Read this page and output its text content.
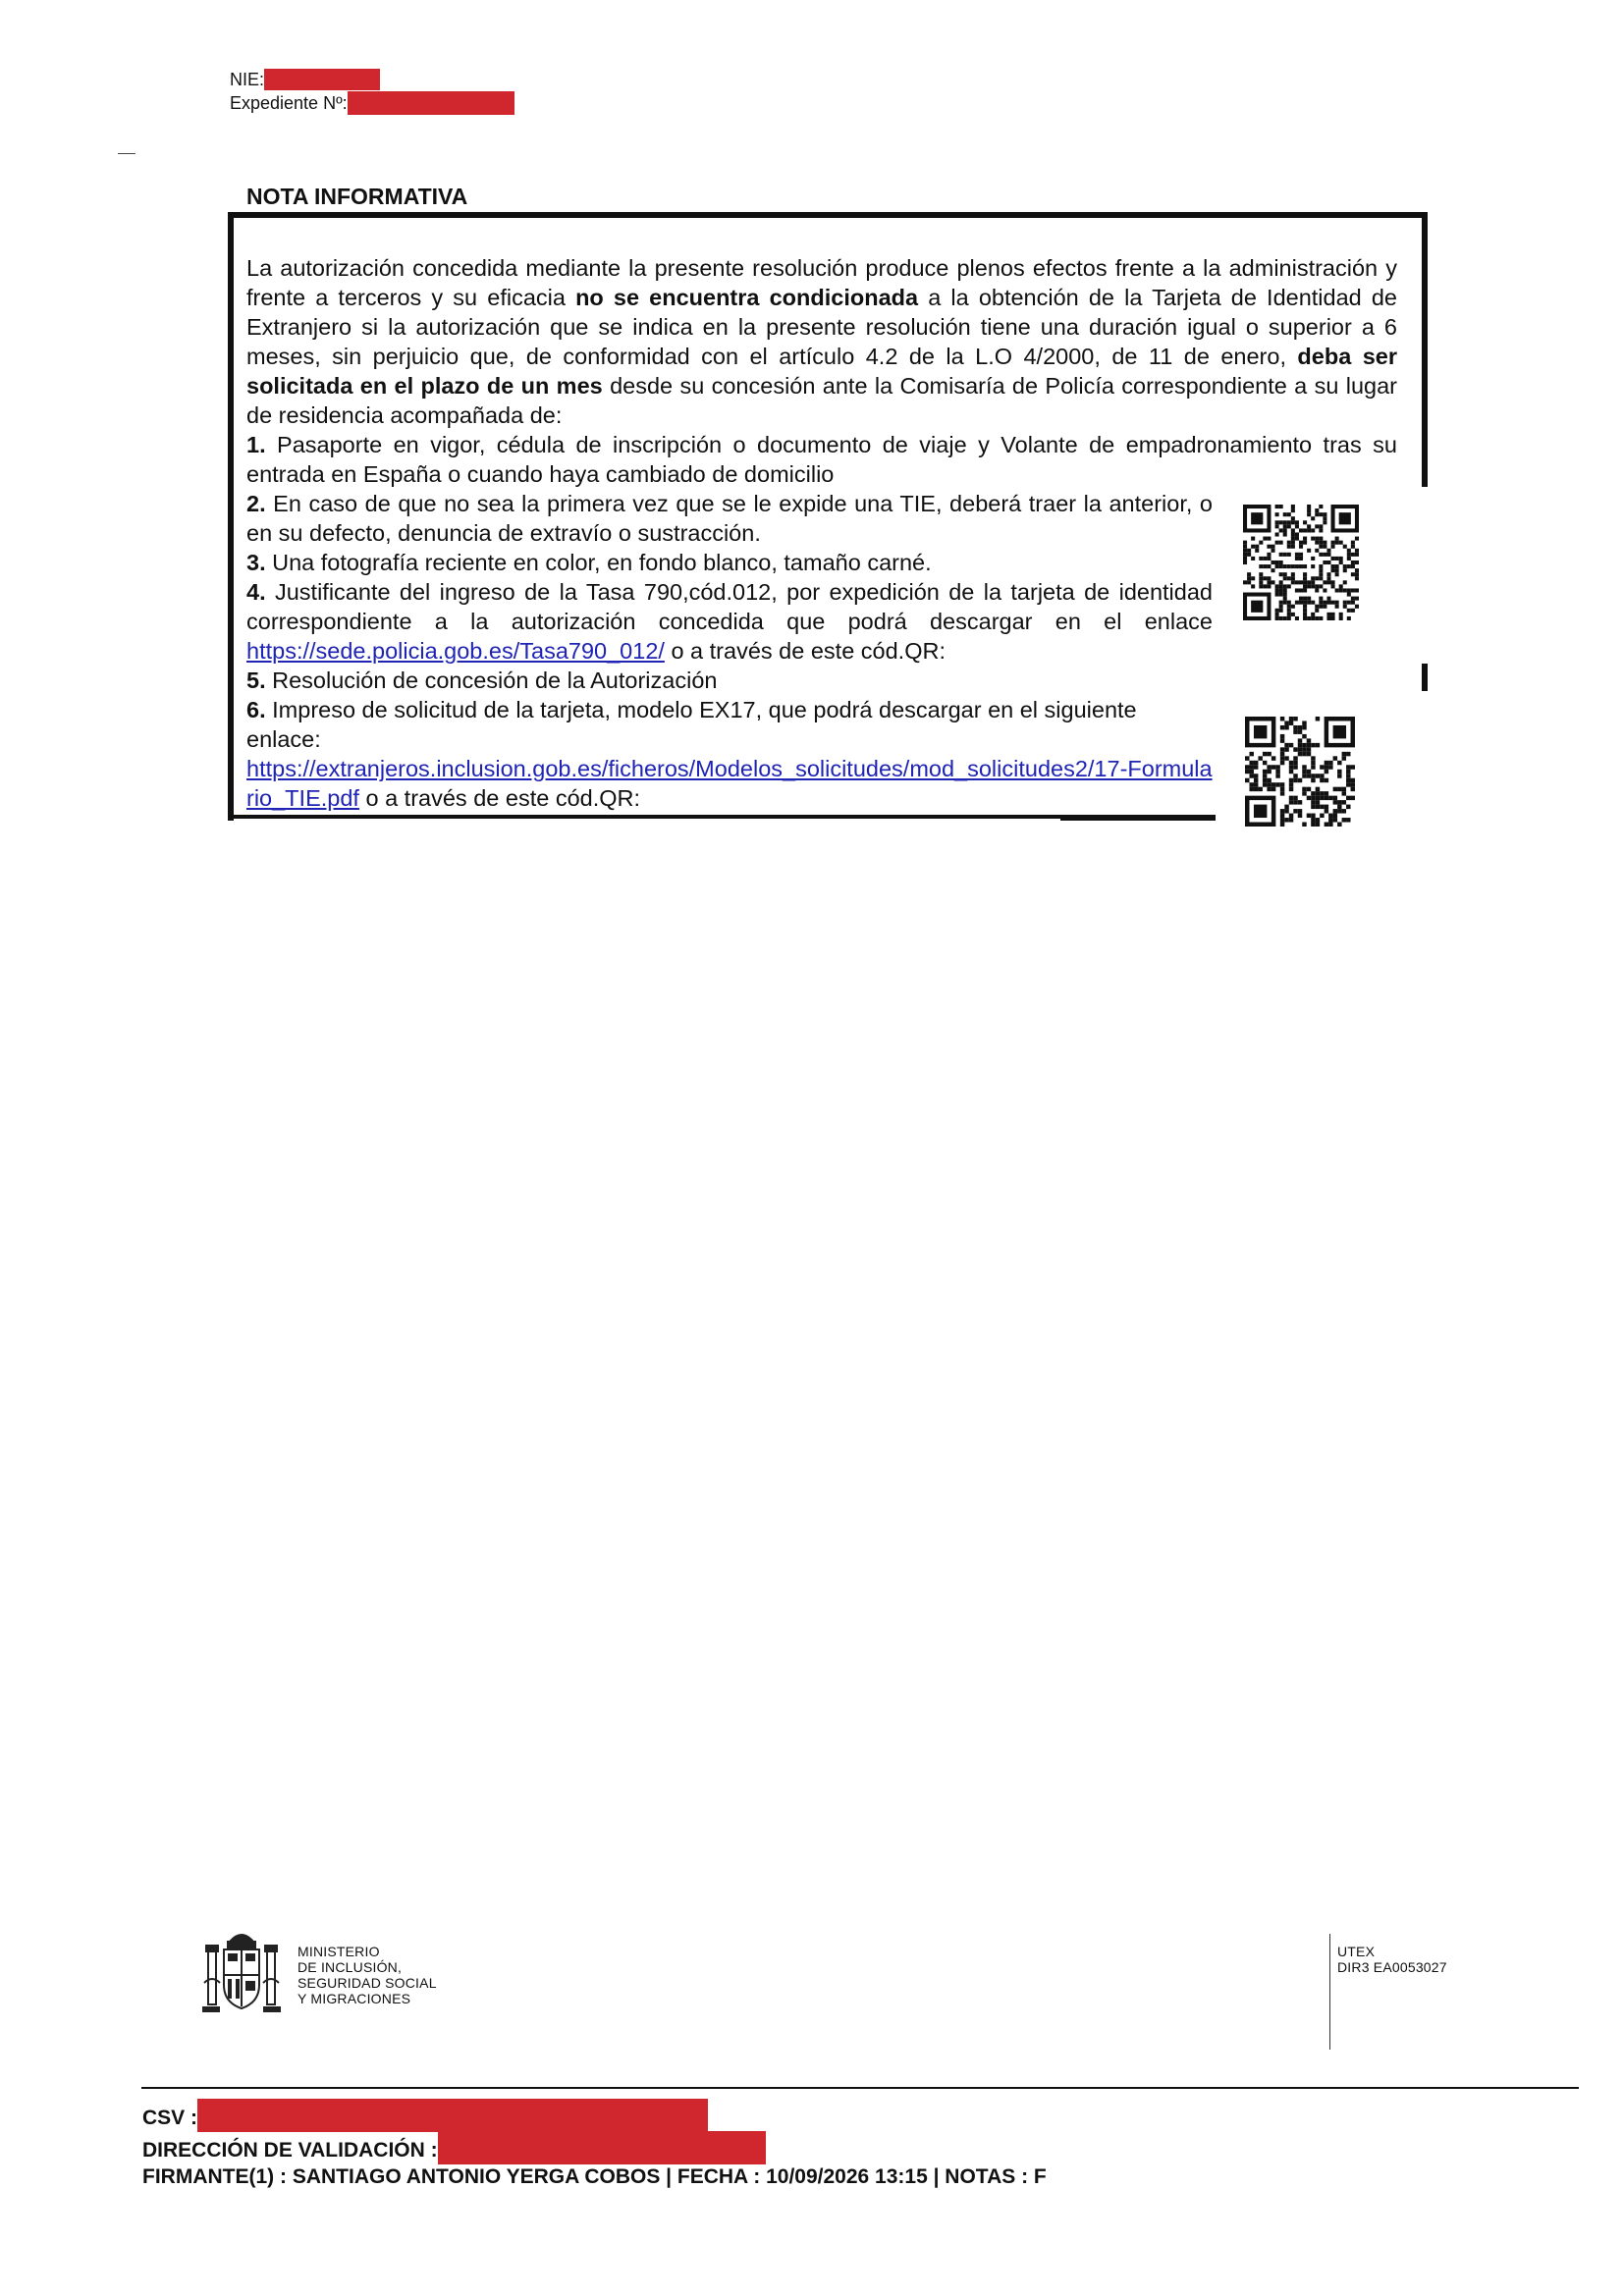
NIE:
Expediente Nº:
NOTA INFORMATIVA

La autorización concedida mediante la presente resolución produce plenos efectos frente a la administración y frente a terceros y su eficacia no se encuentra condicionada a la obtención de la Tarjeta de Identidad de Extranjero si la autorización que se indica en la presente resolución tiene una duración igual o superior a 6 meses, sin perjuicio que, de conformidad con el artículo 4.2 de la L.O 4/2000, de 11 de enero, deba ser solicitada en el plazo de un mes desde su concesión ante la Comisaría de Policía correspondiente a su lugar de residencia acompañada de:

1. Pasaporte en vigor, cédula de inscripción o documento de viaje y Volante de empadronamiento tras su entrada en España o cuando haya cambiado de domicilio

2. En caso de que no sea la primera vez que se le expide una TIE, deberá traer la anterior, o en su defecto, denuncia de extravío o sustracción.

3. Una fotografía reciente en color, en fondo blanco, tamaño carné.

4. Justificante del ingreso de la Tasa 790,cód.012, por expedición de la tarjeta de identidad correspondiente a la autorización concedida que podrá descargar en el enlace https://sede.policia.gob.es/Tasa790_012/ o a través de este cód.QR:

5. Resolución de concesión de la Autorización

6. Impreso de solicitud de la tarjeta, modelo EX17, que podrá descargar en el siguiente enlace:
https://extranjeros.inclusion.gob.es/ficheros/Modelos_solicitudes/mod_solicitudes2/17-Formulario_TIE.pdf o a través de este cód.QR:

MINISTERIO
DE INCLUSIÓN,
SEGURIDAD SOCIAL
Y MIGRACIONES
UTEX
DIR3 EA0053027
CSV :
DIRECCIÓN DE VALIDACIÓN :
FIRMANTE(1) : SANTIAGO ANTONIO YERGA COBOS | FECHA : 10/09/2026 13:15 | NOTAS : F
